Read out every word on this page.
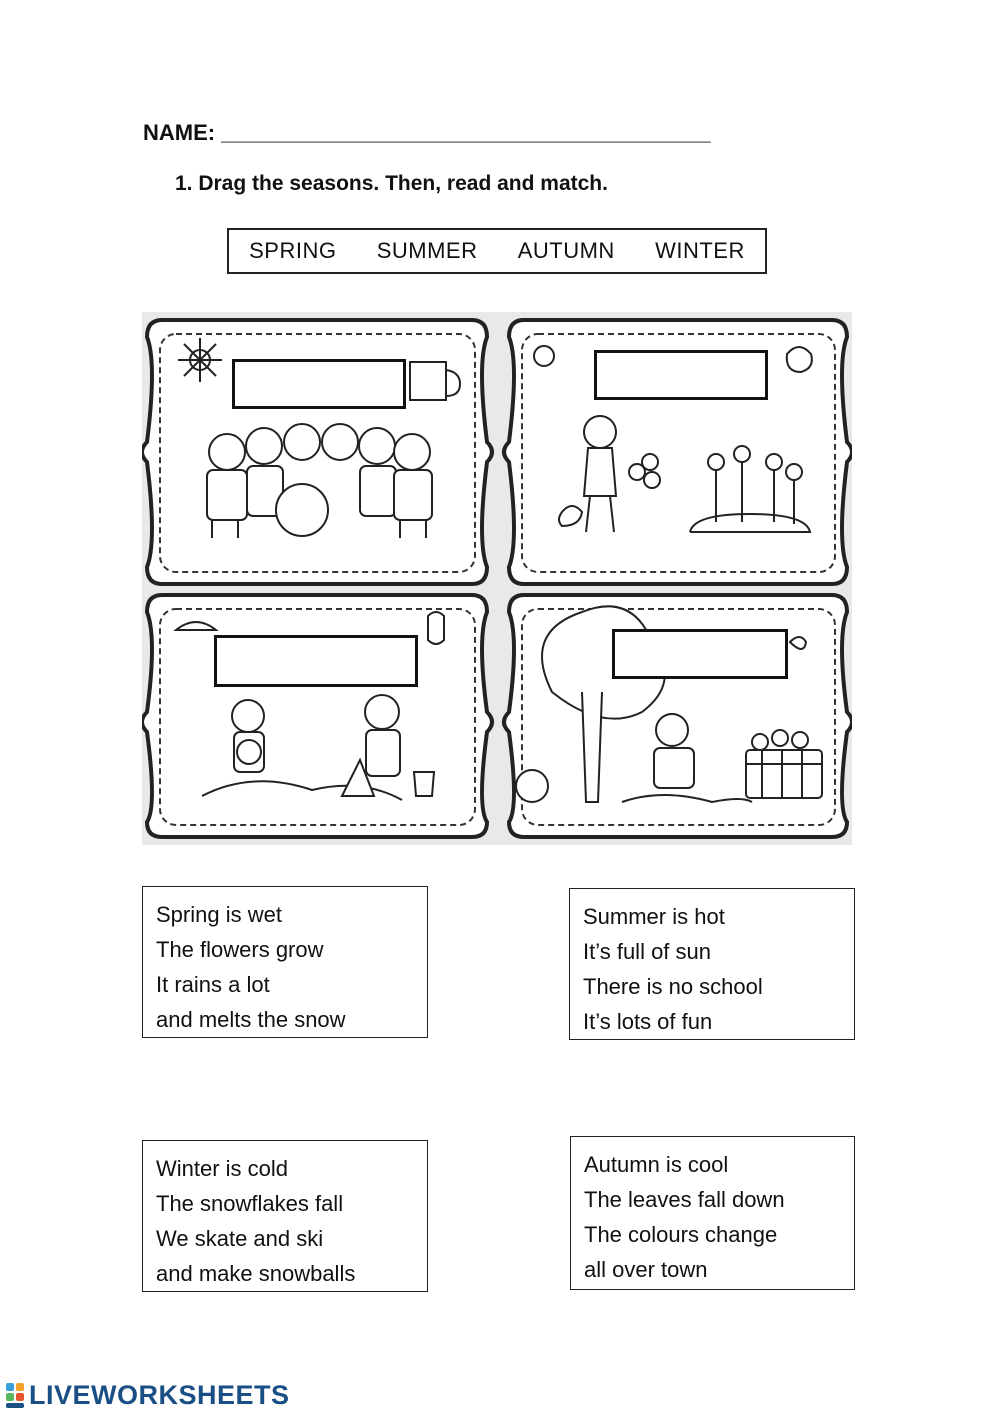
NAME: ________________________________________
1. Drag the seasons. Then, read and match.
SPRING SUMMER AUTUMN WINTER
Spring is wet
The flowers grow
It rains a lot
and melts the snow
Summer is hot
It’s full of sun
There is no school
It’s lots of fun
Winter is cold
The snowflakes fall
We skate and ski
and make snowballs
Autumn is cool
The leaves fall down
The colours change
all over town
LIVEWORKSHEETS
